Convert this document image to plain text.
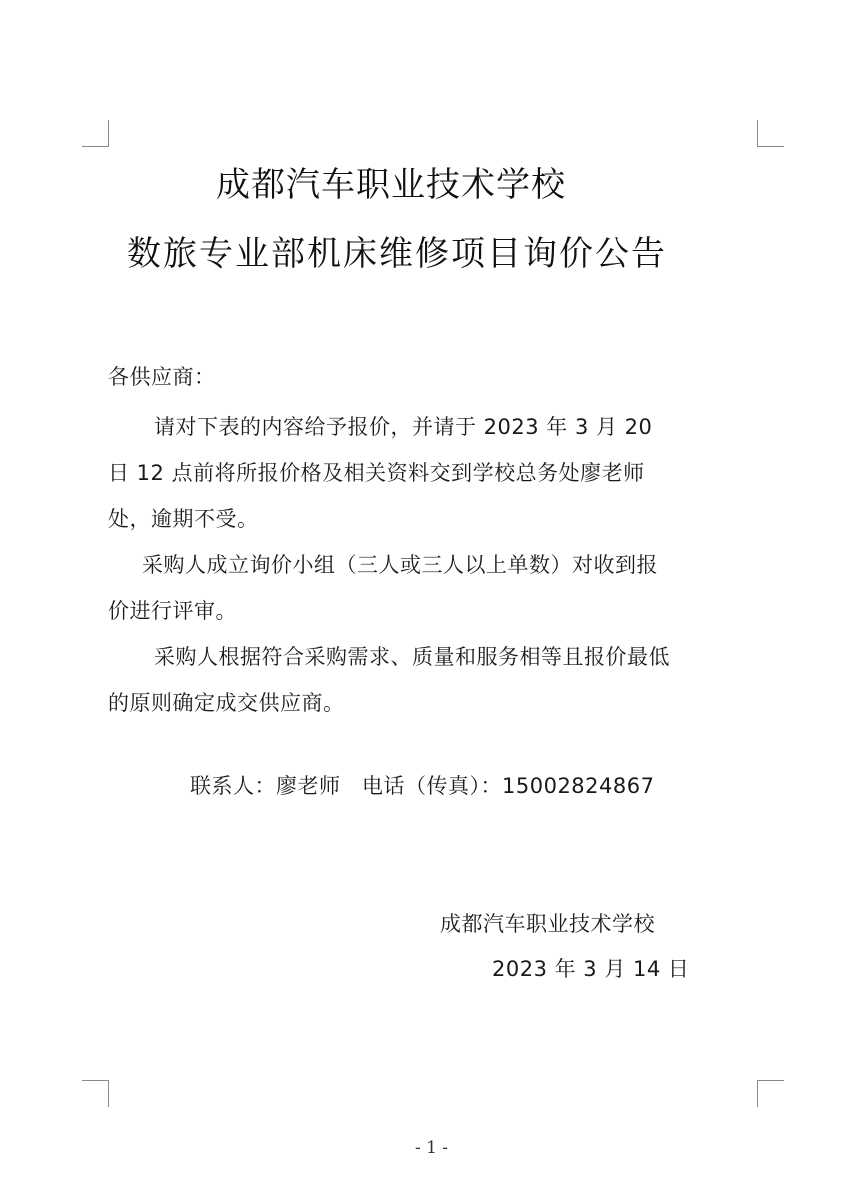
成都汽车职业技术学校
数旅专业部机床维修项目询价公告
各供应商：
请对下表的内容给予报价，并请于 2023 年 3 月 20 日 12 点前将所报价格及相关资料交到学校总务处廖老师处，逾期不受。
采购人成立询价小组（三人或三人以上单数）对收到报价进行评审。
采购人根据符合采购需求、质量和服务相等且报价最低的原则确定成交供应商。
联系人：廖老师　电话（传真）：15002824867
成都汽车职业技术学校
2023 年 3 月 14 日
- 1 -
